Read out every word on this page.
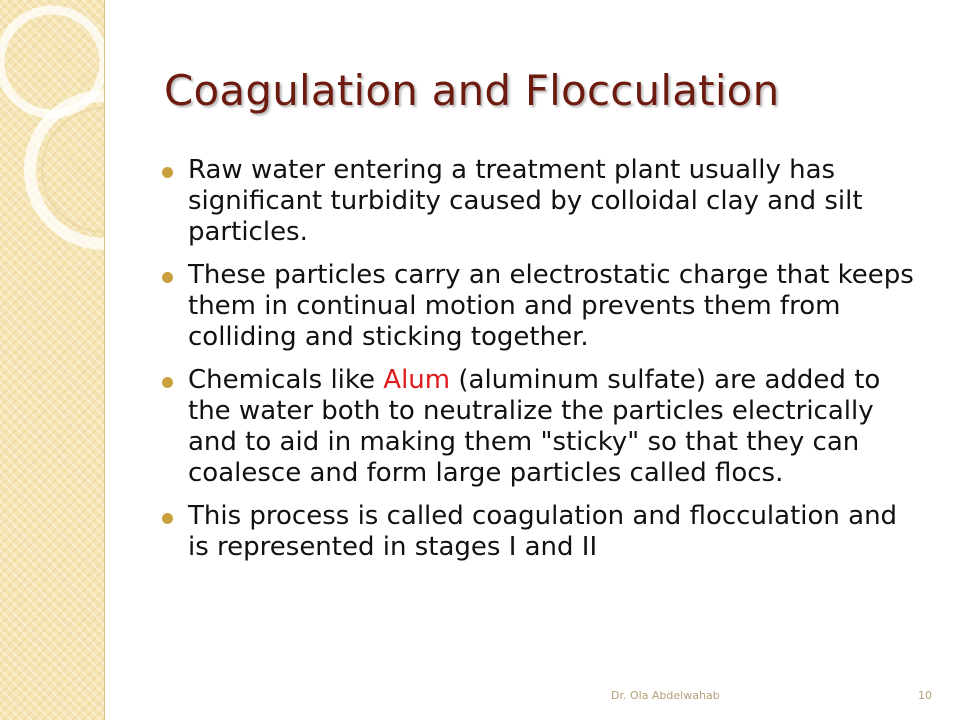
Coagulation and Flocculation
Raw water entering a treatment plant usually has significant turbidity caused by colloidal clay and silt particles.
These particles carry an electrostatic charge that keeps them in continual motion and prevents them from colliding and sticking together.
Chemicals like Alum (aluminum sulfate) are added to the water both to neutralize the particles electrically and to aid in making them "sticky" so that they can coalesce and form large particles called flocs.
This process is called coagulation and flocculation and is represented in stages I and II
Dr. Ola Abdelwahab	10
